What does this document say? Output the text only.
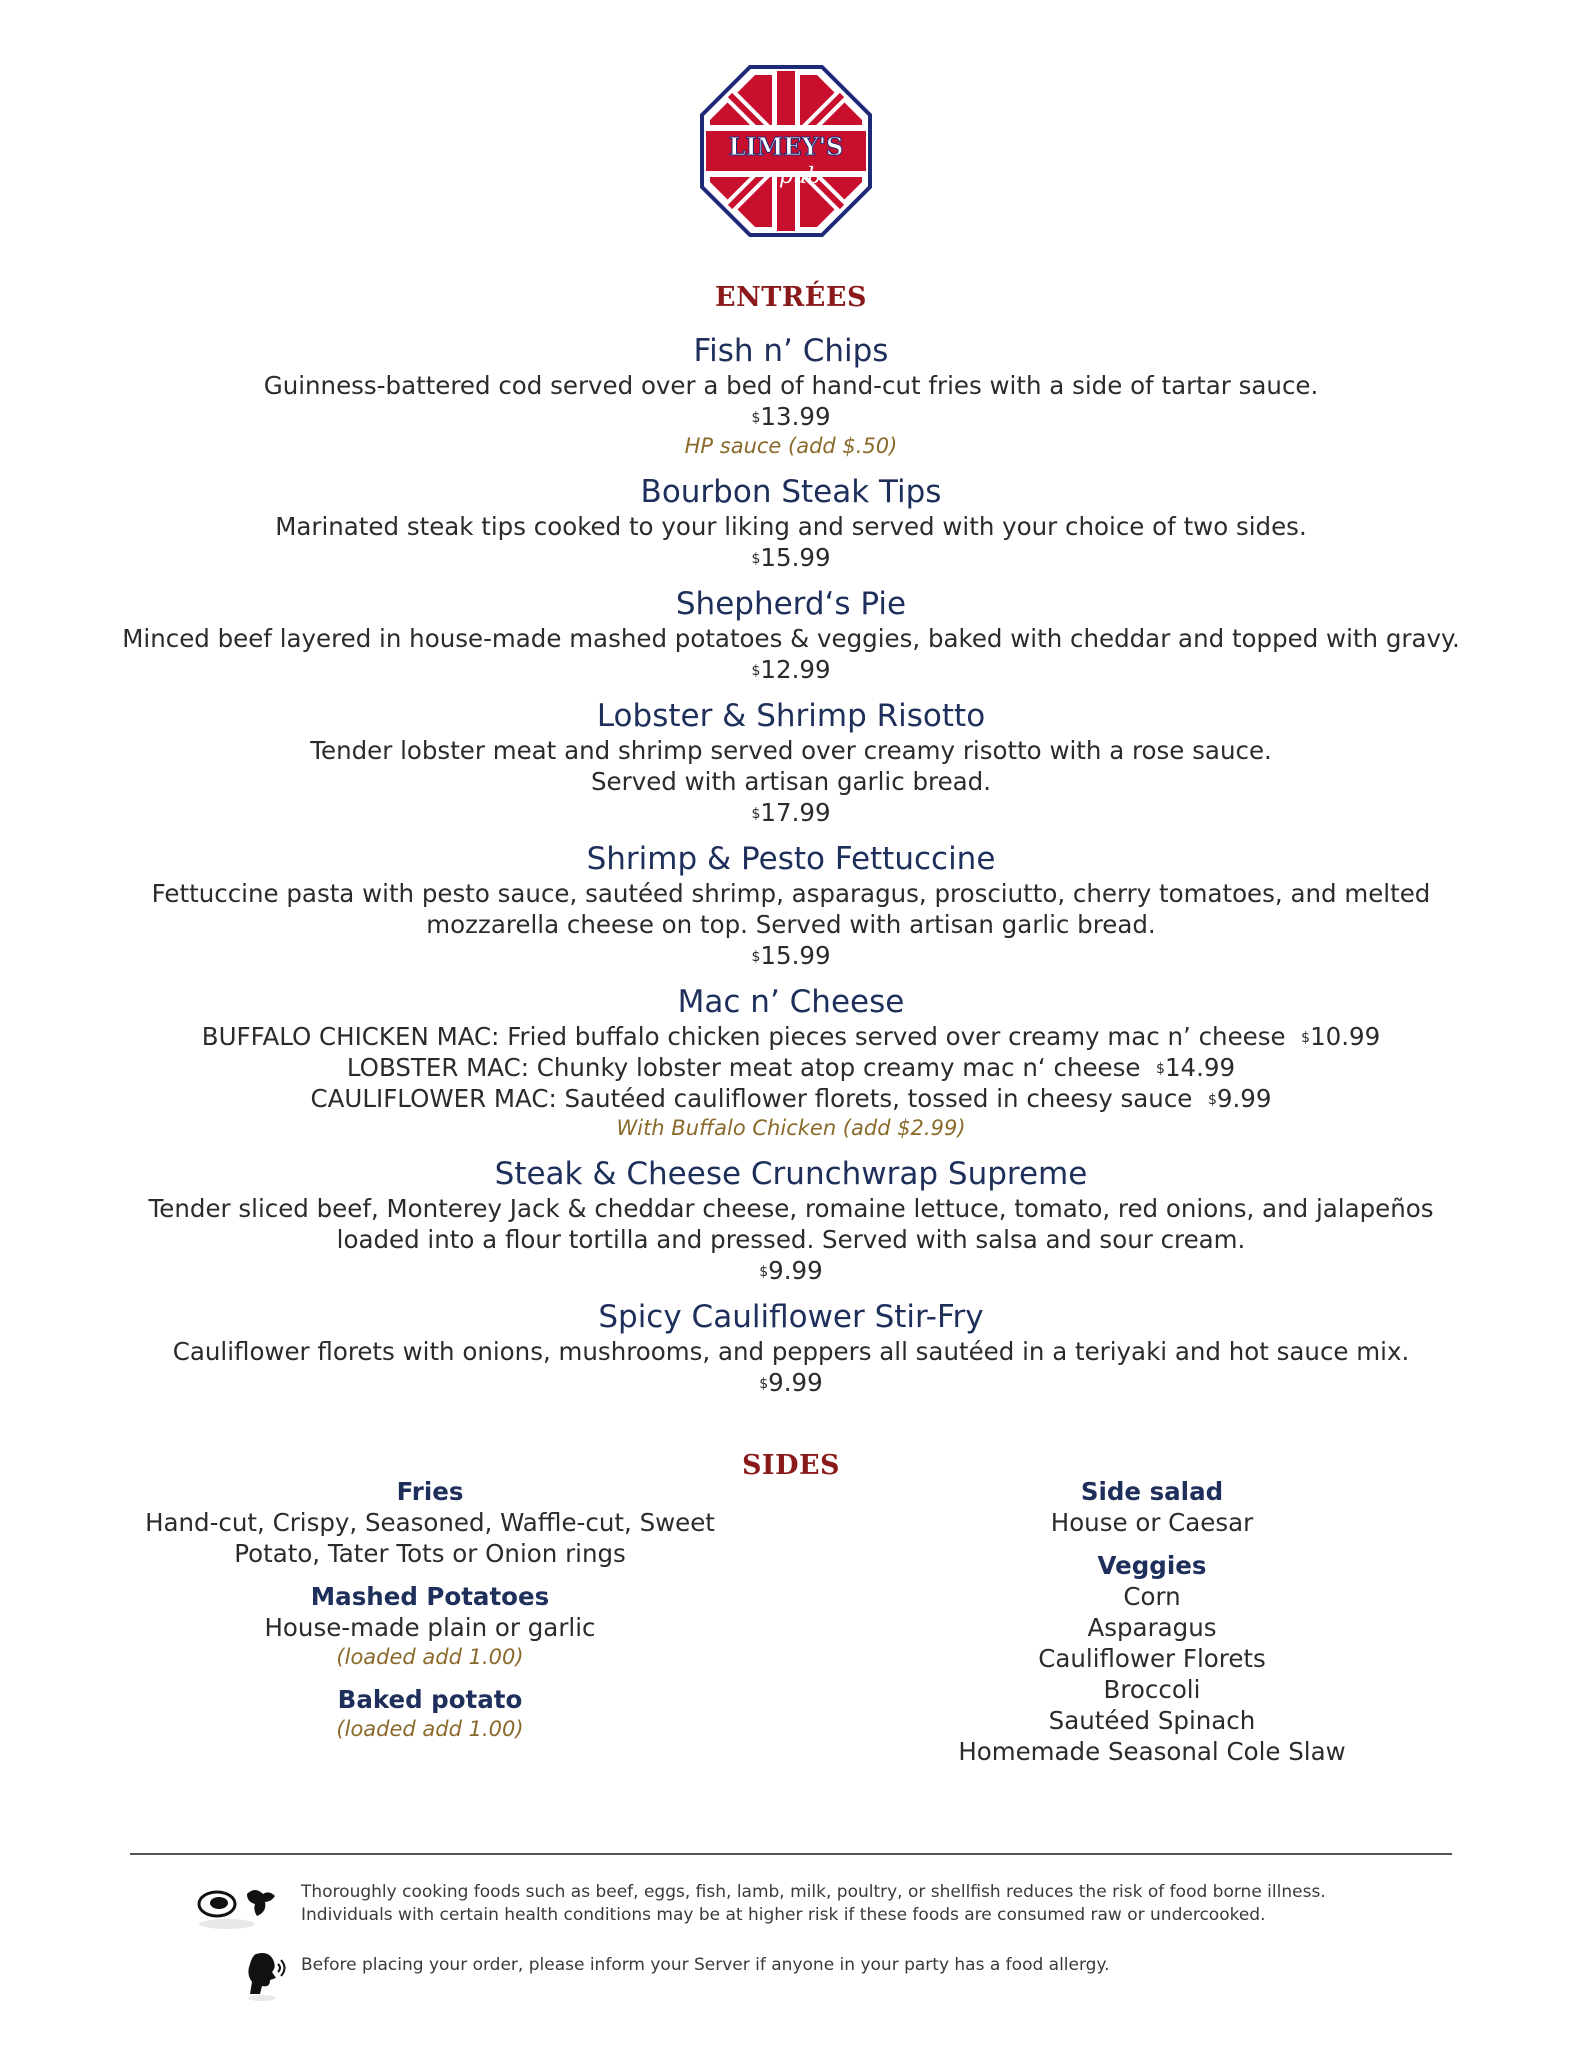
LIMEY'S
pub
ENTRÉES
Fish n’ Chips
Guinness-battered cod served over a bed of hand-cut fries with a side of tartar sauce.
$13.99
HP sauce (add $.50)
Bourbon Steak Tips
Marinated steak tips cooked to your liking and served with your choice of two sides.
$15.99
Shepherd‘s Pie
Minced beef layered in house-made mashed potatoes & veggies, baked with cheddar and topped with gravy.
$12.99
Lobster & Shrimp Risotto
Tender lobster meat and shrimp served over creamy risotto with a rose sauce.
Served with artisan garlic bread.
$17.99
Shrimp & Pesto Fettuccine
Fettuccine pasta with pesto sauce, sautéed shrimp, asparagus, prosciutto, cherry tomatoes, and melted
mozzarella cheese on top. Served with artisan garlic bread.
$15.99
Mac n’ Cheese
BUFFALO CHICKEN MAC: Fried buffalo chicken pieces served over creamy mac n’ cheese $10.99
LOBSTER MAC: Chunky lobster meat atop creamy mac n‘ cheese $14.99
CAULIFLOWER MAC: Sautéed cauliflower florets, tossed in cheesy sauce $9.99
With Buffalo Chicken (add $2.99)
Steak & Cheese Crunchwrap Supreme
Tender sliced beef, Monterey Jack & cheddar cheese, romaine lettuce, tomato, red onions, and jalapeños
loaded into a flour tortilla and pressed. Served with salsa and sour cream.
$9.99
Spicy Cauliflower Stir-Fry
Cauliflower florets with onions, mushrooms, and peppers all sautéed in a teriyaki and hot sauce mix.
$9.99
SIDES
Fries
Hand-cut, Crispy, Seasoned, Waffle-cut, Sweet
Potato, Tater Tots or Onion rings
Mashed Potatoes
House-made plain or garlic
(loaded add 1.00)
Baked potato
(loaded add 1.00)
Side salad
House or Caesar
Veggies
Corn
Asparagus
Cauliflower Florets
Broccoli
Sautéed Spinach
Homemade Seasonal Cole Slaw
Thoroughly cooking foods such as beef, eggs, fish, lamb, milk, poultry, or shellfish reduces the risk of food borne illness.
Individuals with certain health conditions may be at higher risk if these foods are consumed raw or undercooked.
Before placing your order, please inform your Server if anyone in your party has a food allergy.
